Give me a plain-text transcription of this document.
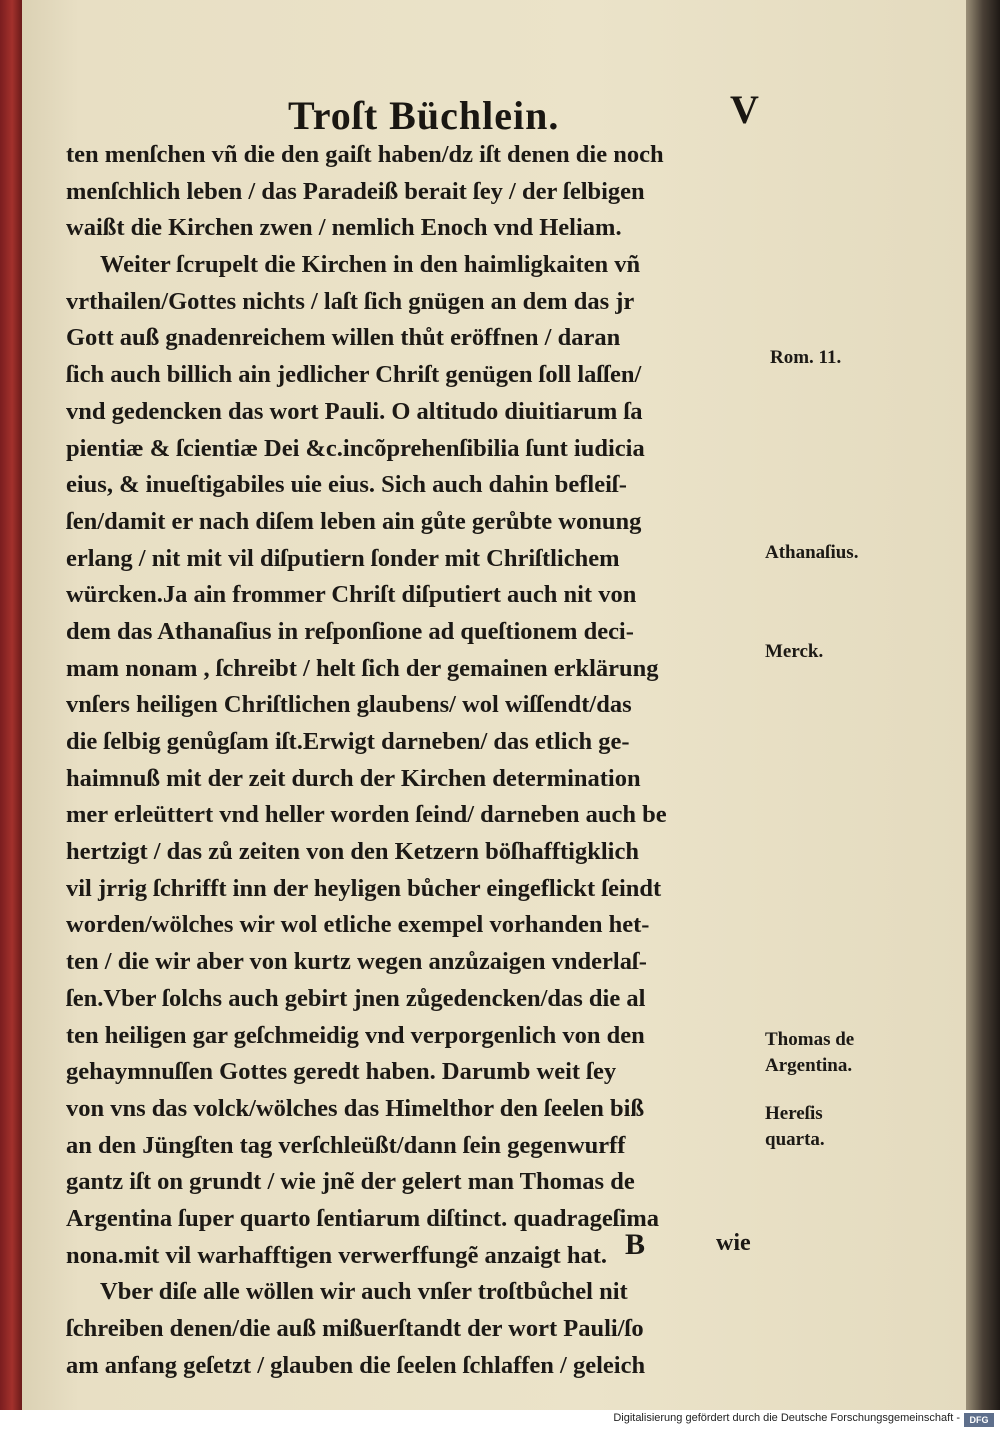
Troſt Büchlein.	V
ten menſchen vñ die den gaiſt haben/dz iſt denen die noch
menſchlich leben / das Paradeiß berait ſey / der ſelbigen
waißt die Kirchen zwen / nemlich Enoch vnd Heliam.
Weiter ſcrupelt die Kirchen in den haimligkaiten vñ
vrthailen/Gottes nichts / laſt ſich gnügen an dem das jr
Gott auß gnadenreichem willen thůt eröffnen / daran
ſich auch billich ain jedlicher Chriſt genügen ſoll laſſen/
vnd gedencken das wort Pauli. O altitudo diuitiarum ſa
pientiæ & ſcientiæ Dei &c.incõprehenſibilia ſunt iudicia
eius, & inueſtigabiles uie eius. Sich auch dahin befleiſ-
ſen/damit er nach diſem leben ain gůte gerůbte wonung
erlang / nit mit vil diſputiern ſonder mit Chriſtlichem
würcken.Ja ain frommer Chriſt diſputiert auch nit von
dem das Athanaſius in reſponſione ad queſtionem deci-
mam nonam , ſchreibt / helt ſich der gemainen erklärung
vnſers heiligen Chriſtlichen glaubens/ wol wiſſendt/das
die ſelbig genůgſam iſt.Erwigt darneben/ das etlich ge-
haimnuß mit der zeit durch der Kirchen determination
mer erleüttert vnd heller worden ſeind/ darneben auch be
hertzigt / das zů zeiten von den Ketzern böſhafftigklich
vil jrrig ſchrifft inn der heyligen bůcher eingeflickt ſeindt
worden/wölches wir wol etliche exempel vorhanden het-
ten / die wir aber von kurtz wegen anzůzaigen vnderlaſ-
ſen.Vber ſolchs auch gebirt jnen zůgedencken/das die al
ten heiligen gar geſchmeidig vnd verporgenlich von den
gehaymnuſſen Gottes geredt haben. Darumb weit ſey
von vns das volck/wölches das Himelthor den ſeelen biß
an den Jüngſten tag verſchleüßt/dann ſein gegenwurff
gantz iſt on grundt / wie jnẽ der gelert man Thomas de
Argentina ſuper quarto ſentiarum diſtinct. quadrageſima
nona.mit vil warhafftigen verwerffungẽ anzaigt hat.
Vber diſe alle wöllen wir auch vnſer troſtbůchel nit
ſchreiben denen/die auß mißuerſtandt der wort Pauli/ſo
am anfang geſetzt / glauben die ſeelen ſchlaffen / geleich
Rom. 11.
Athanaſius.
Merck.
Thomas de
Argentina.
Hereſis
quarta.
B	wie
Digitalisierung gefördert durch die Deutsche Forschungsgemeinschaft -	DFG
